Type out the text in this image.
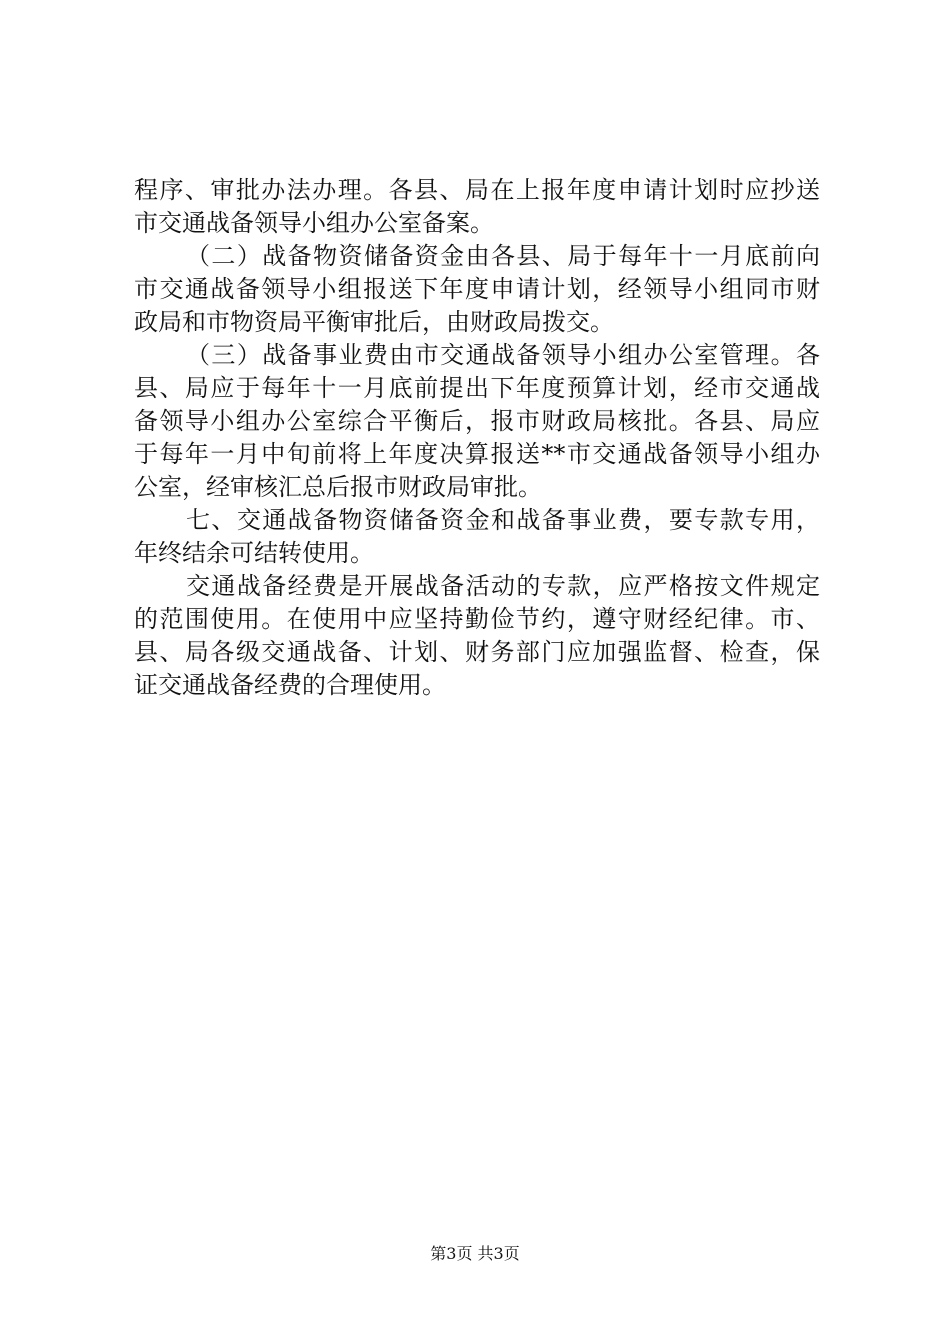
程序、审批办法办理。各县、局在上报年度申请计划时应抄送
市交通战备领导小组办公室备案。
（二）战备物资储备资金由各县、局于每年十一月底前向
市交通战备领导小组报送下年度申请计划，经领导小组同市财
政局和市物资局平衡审批后，由财政局拨交。
（三）战备事业费由市交通战备领导小组办公室管理。各
县、局应于每年十一月底前提出下年度预算计划，经市交通战
备领导小组办公室综合平衡后，报市财政局核批。各县、局应
于每年一月中旬前将上年度决算报送**市交通战备领导小组办
公室，经审核汇总后报市财政局审批。
七、交通战备物资储备资金和战备事业费，要专款专用，
年终结余可结转使用。
交通战备经费是开展战备活动的专款，应严格按文件规定
的范围使用。在使用中应坚持勤俭节约，遵守财经纪律。市、
县、局各级交通战备、计划、财务部门应加强监督、检查，保
证交通战备经费的合理使用。
第3页 共3页
